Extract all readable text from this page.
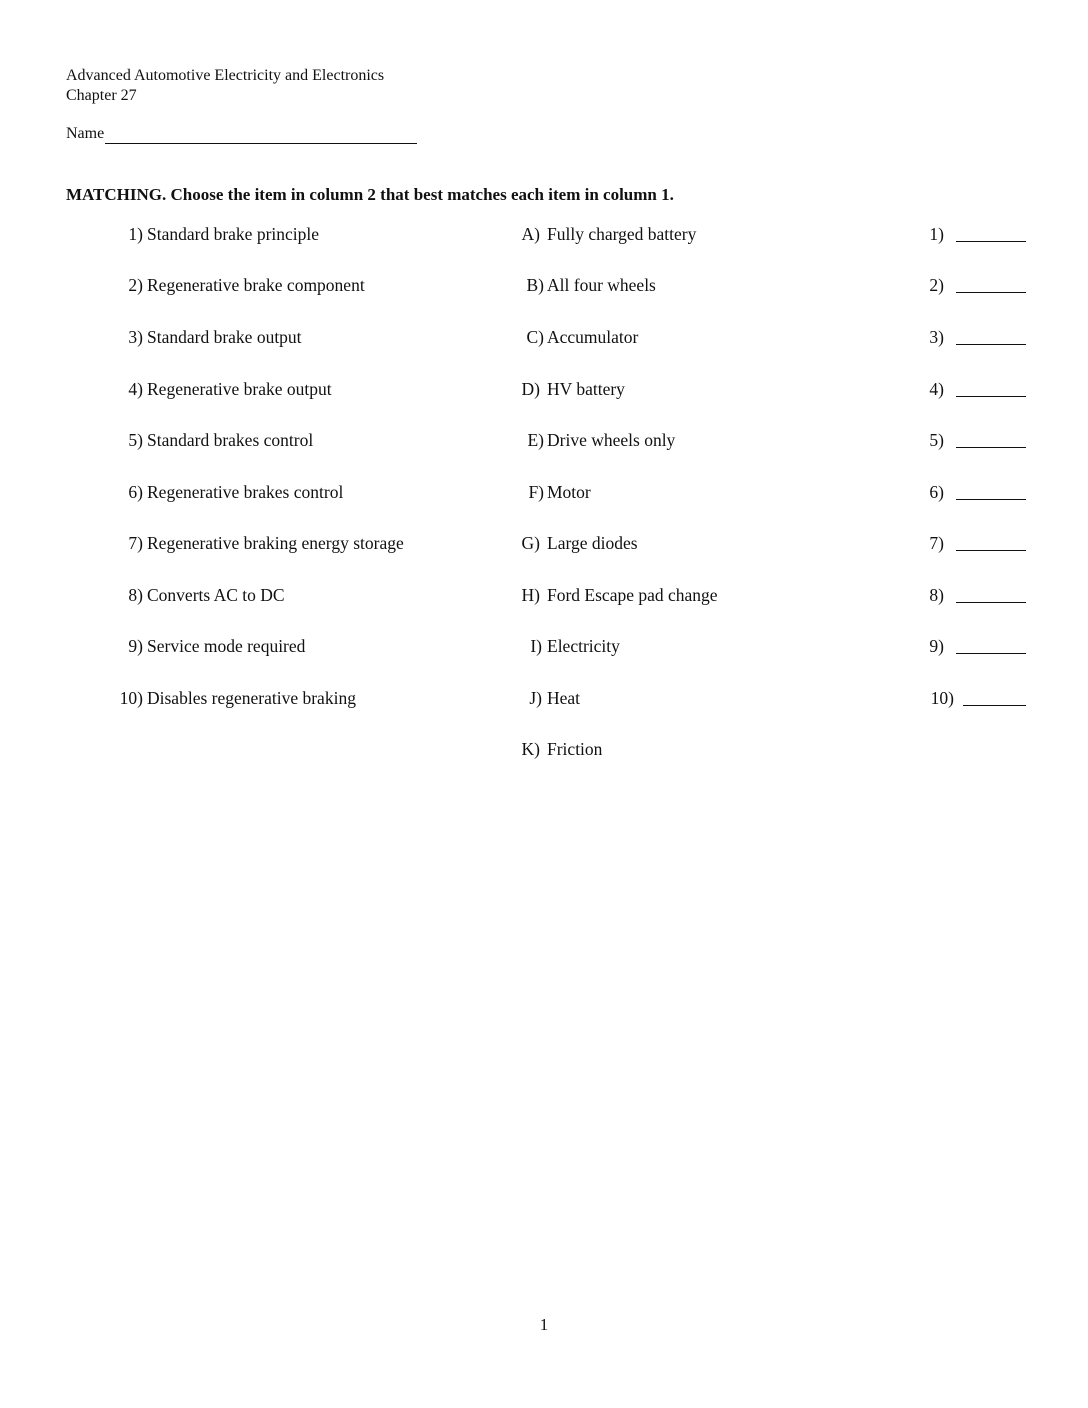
Advanced Automotive Electricity and Electronics
Chapter 27
Name
MATCHING. Choose the item in column 2 that best matches each item in column 1.
1) Standard brake principle	A) Fully charged battery	1)
2) Regenerative brake component	B) All four wheels	2)
3) Standard brake output	C) Accumulator	3)
4) Regenerative brake output	D) HV battery	4)
5) Standard brakes control	E) Drive wheels only	5)
6) Regenerative brakes control	F) Motor	6)
7) Regenerative braking energy storage	G) Large diodes	7)
8) Converts AC to DC	H) Ford Escape pad change	8)
9) Service mode required	I) Electricity	9)
10) Disables regenerative braking	J) Heat	10)
K) Friction
1
